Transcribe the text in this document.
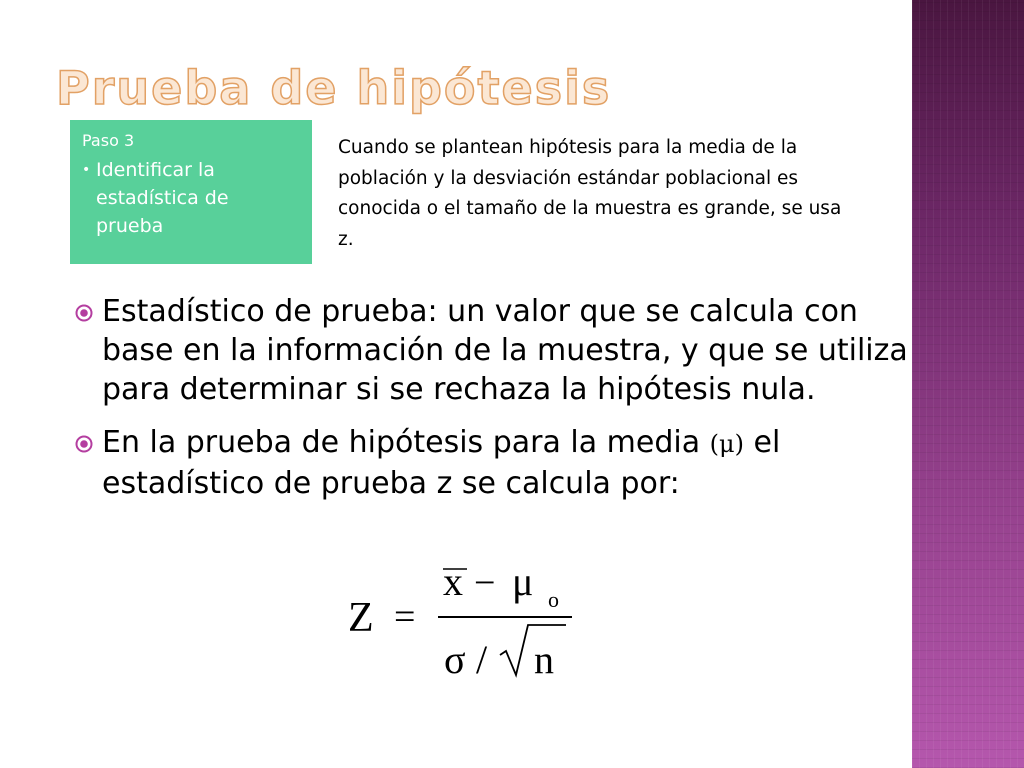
Prueba de hipótesis
Paso 3
• Identificar la estadística de prueba

Cuando se plantean hipótesis para la media de la población y la desviación estándar poblacional es conocida o el tamaño de la muestra es grande, se usa z.

Estadístico de prueba: un valor que se calcula con base en la información de la muestra, y que se utiliza para determinar si se rechaza la hipótesis nula.
En la prueba de hipótesis para la media (μ) el estadístico de prueba z se calcula por:
Z =
x − μ o
σ / n
